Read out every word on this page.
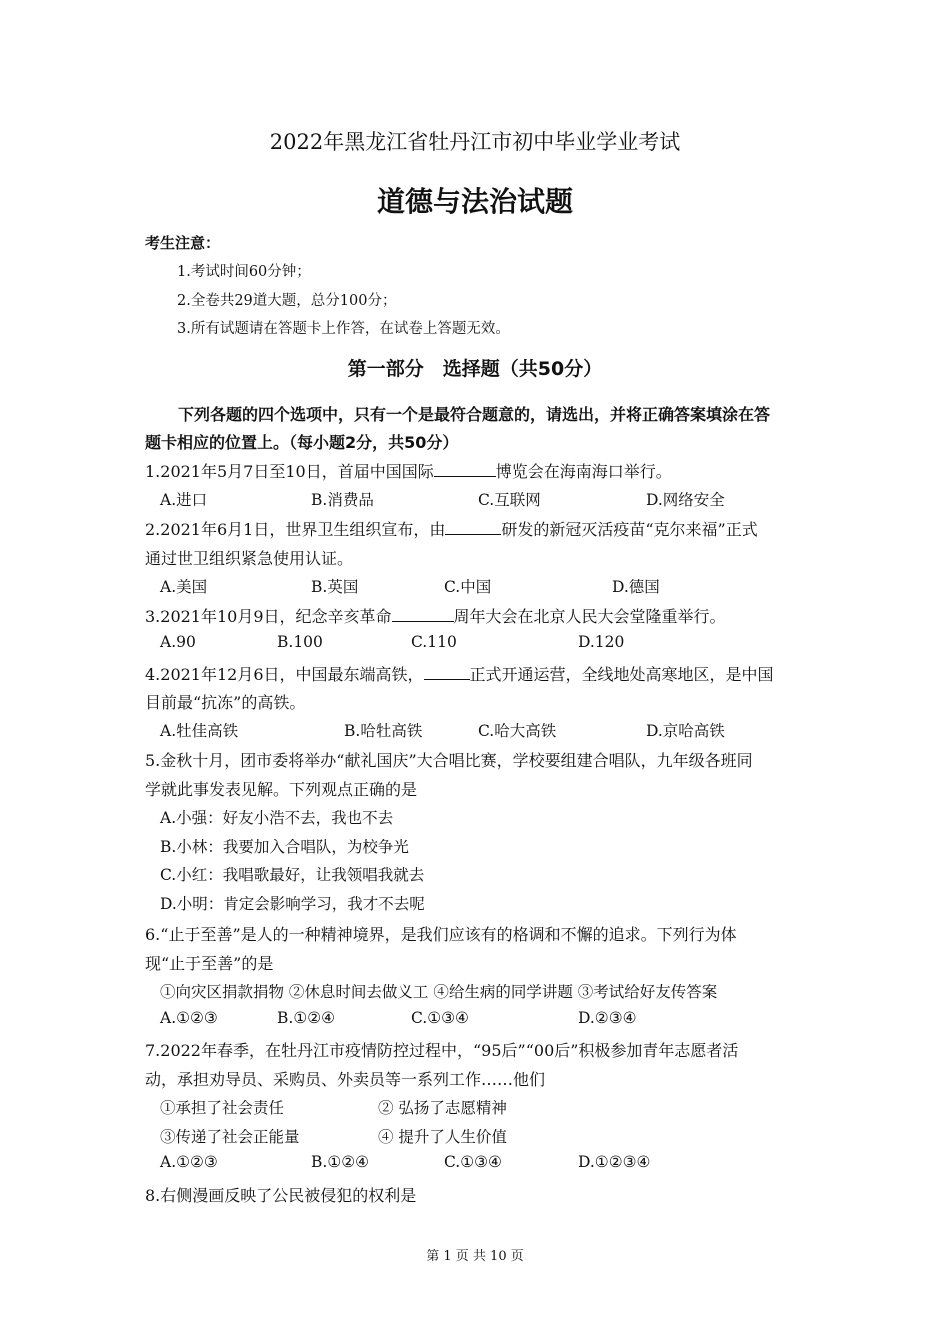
2022年黑龙江省牡丹江市初中毕业学业考试
道德与法治试题
考生注意：
1.考试时间60分钟；
2.全卷共29道大题，总分100分；
3.所有试题请在答题卡上作答，在试卷上答题无效。
第一部分　选择题（共50分）
下列各题的四个选项中，只有一个是最符合题意的，请选出，并将正确答案填涂在答
题卡相应的位置上。（每小题2分，共50分）
1.2021年5月7日至10日，首届中国国际	博览会在海南海口举行。
A.进口	B.消费品	C.互联网	D.网络安全
2.2021年6月1日，世界卫生组织宣布，由	研发的新冠灭活疫苗“克尔来福”正式
通过世卫组织紧急使用认证。
A.美国	B.英国	C.中国	D.德国
3.2021年10月9日，纪念辛亥革命	周年大会在北京人民大会堂隆重举行。
A.90	B.100	C.110	D.120
4.2021年12月6日，中国最东端高铁，	正式开通运营，全线地处高寒地区，是中国
目前最“抗冻”的高铁。
A.牡佳高铁	B.哈牡高铁	C.哈大高铁	D.京哈高铁
5.金秋十月，团市委将举办“献礼国庆”大合唱比赛，学校要组建合唱队，九年级各班同
学就此事发表见解。下列观点正确的是
A.小强：好友小浩不去，我也不去
B.小林：我要加入合唱队，为校争光
C.小红：我唱歌最好，让我领唱我就去
D.小明：肯定会影响学习，我才不去呢
6.“止于至善”是人的一种精神境界，是我们应该有的格调和不懈的追求。下列行为体
现“止于至善”的是
①向灾区捐款捐物 ②休息时间去做义工 ④给生病的同学讲题 ③考试给好友传答案
A.①②③	B.①②④	C.①③④	D.②③④
7.2022年春季，在牡丹江市疫情防控过程中，“95后”“00后”积极参加青年志愿者活
动，承担劝导员、采购员、外卖员等一系列工作……他们
①承担了社会责任	② 弘扬了志愿精神
③传递了社会正能量	④ 提升了人生价值
A.①②③	B.①②④	C.①③④	D.①②③④
8.右侧漫画反映了公民被侵犯的权利是
第 1 页 共 10 页
